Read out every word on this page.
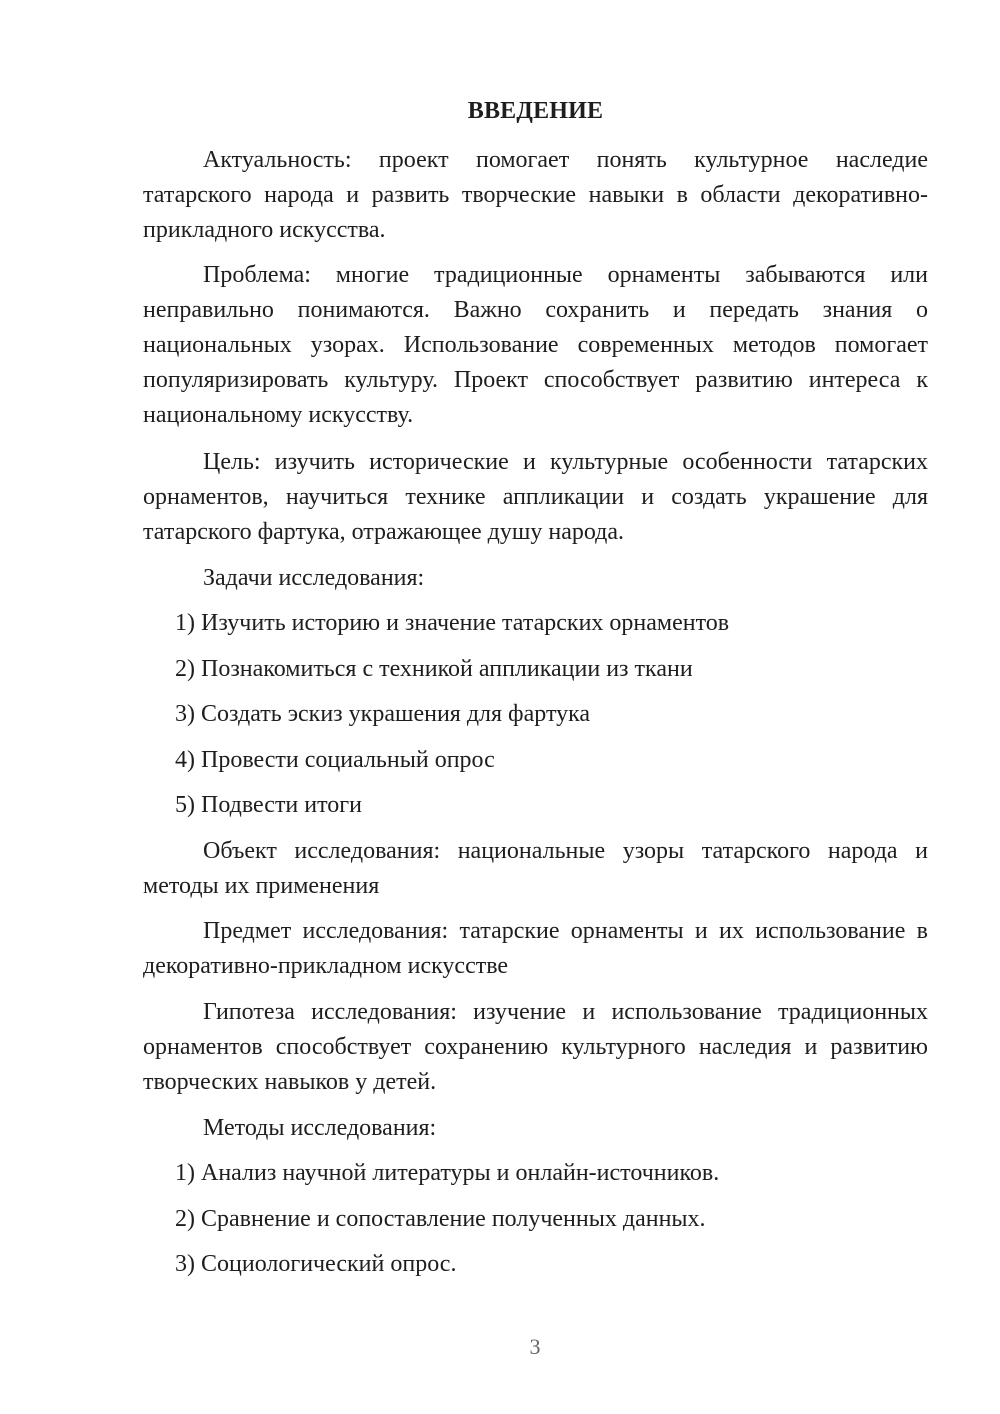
ВВЕДЕНИЕ

Актуальность: проект помогает понять культурное наследие татарского народа и развить творческие навыки в области декоративно-прикладного искусства.

Проблема: многие традиционные орнаменты забываются или неправильно понимаются. Важно сохранить и передать знания о национальных узорах. Использование современных методов помогает популяризировать культуру. Проект способствует развитию интереса к национальному искусству.

Цель: изучить исторические и культурные особенности татарских орнаментов, научиться технике аппликации и создать украшение для татарского фартука, отражающее душу народа.

Задачи исследования:
1) Изучить историю и значение татарских орнаментов
2) Познакомиться с техникой аппликации из ткани
3) Создать эскиз украшения для фартука
4) Провести социальный опрос
5) Подвести итоги

Объект исследования: национальные узоры татарского народа и методы их применения

Предмет исследования: татарские орнаменты и их использование в декоративно-прикладном искусстве

Гипотеза исследования: изучение и использование традиционных орнаментов способствует сохранению культурного наследия и развитию творческих навыков у детей.

Методы исследования:
1) Анализ научной литературы и онлайн-источников.
2) Сравнение и сопоставление полученных данных.
3) Социологический опрос.
3
